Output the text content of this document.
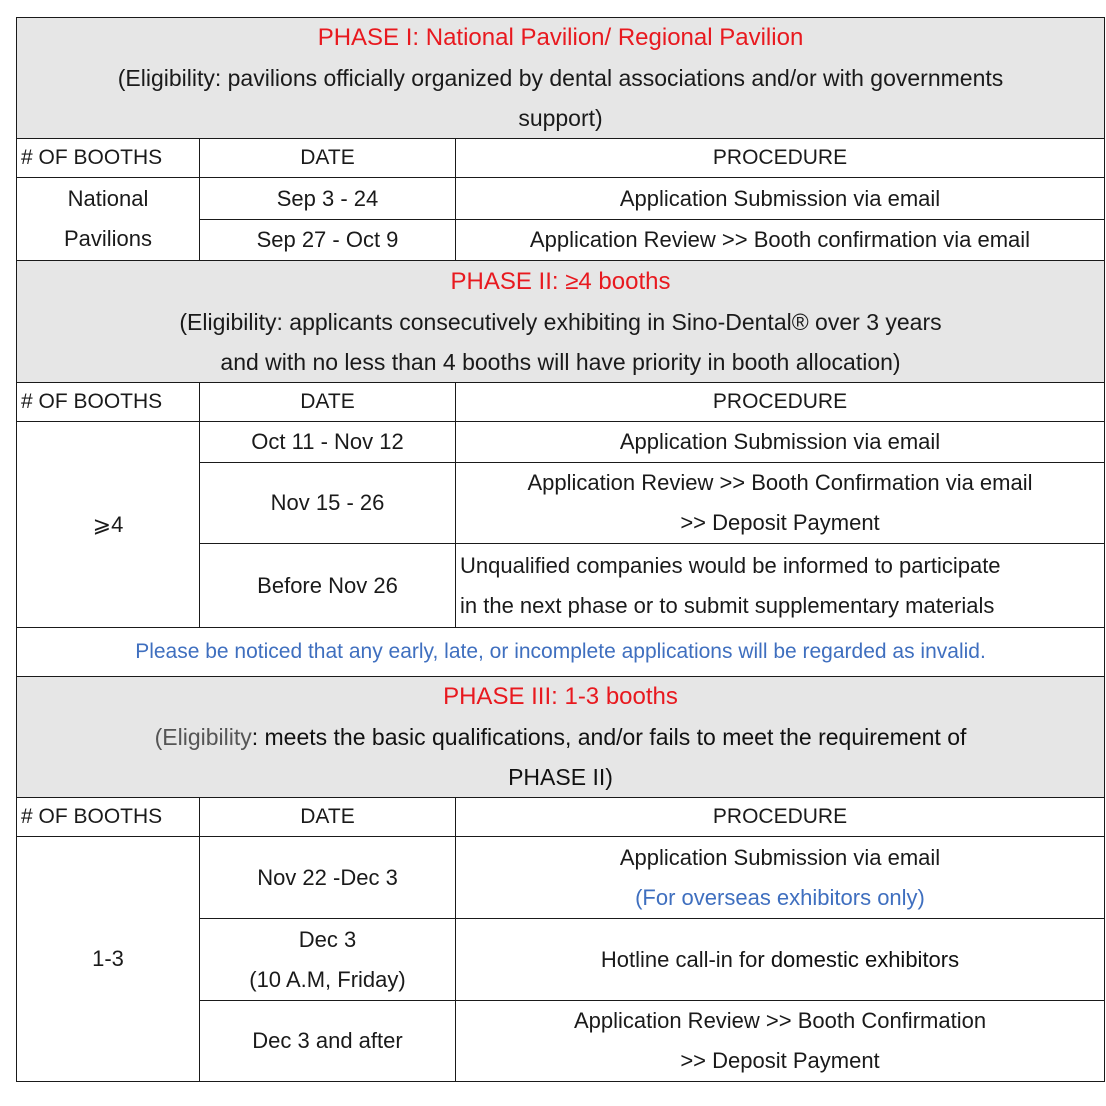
PHASE I: National Pavilion/ Regional Pavilion
(Eligibility: pavilions officially organized by dental associations and/or with governments
support)		

# OF BOOTHS	DATE	PROCEDURE

National Pavilions	Sep 3 - 24	Application Submission via email
	Sep 27 - Oct 9	Application Review >> Booth confirmation via email

PHASE II: ≥4 booths
(Eligibility: applicants consecutively exhibiting in Sino-Dental® over 3 years
and with no less than 4 booths will have priority in booth allocation)		

# OF BOOTHS	DATE	PROCEDURE
⩾4	Oct 11 - Nov 12	Application Submission via email
	Nov 15 - 26	Application Review >> Booth Confirmation via email
>> Deposit Payment

	Before Nov 26	Unqualified companies would be informed to participate
in the next phase or to submit supplementary materials

Please be noticed that any early, late, or incomplete applications will be regarded as invalid.		

PHASE III: 1-3 booths
(Eligibility: meets the basic qualifications, and/or fails to meet the requirement of
PHASE II)		

# OF BOOTHS	DATE	PROCEDURE
1-3	Nov 22 -Dec 3	Application Submission via email
(For overseas exhibitors only)

	Dec 3
(10 A.M, Friday)	Hotline call-in for domestic exhibitors
	Dec 3 and after	Application Review >> Booth Confirmation
>> Deposit Payment
